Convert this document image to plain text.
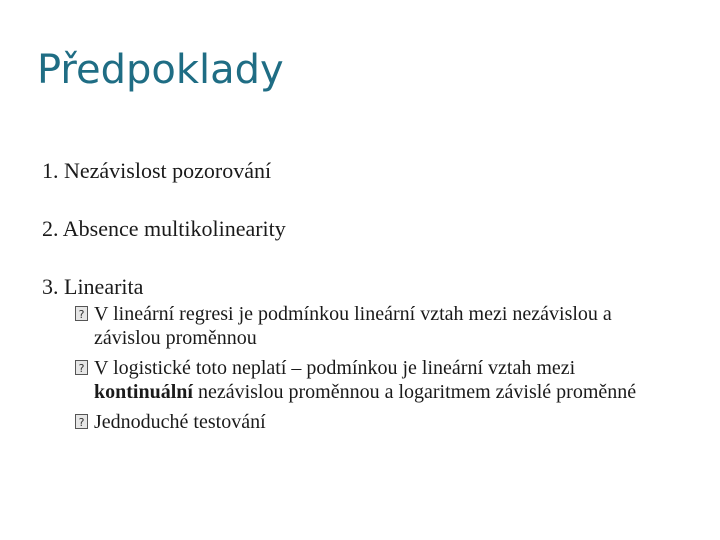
Předpoklady
1. Nezávislost pozorování
2. Absence multikolinearity
3. Linearita
? V lineární regresi je podmínkou lineární vztah mezi nezávislou a závislou proměnnou
? V logistické toto neplatí – podmínkou je lineární vztah mezi kontinuální nezávislou proměnnou a logaritmem závislé proměnné
? Jednoduché testování
